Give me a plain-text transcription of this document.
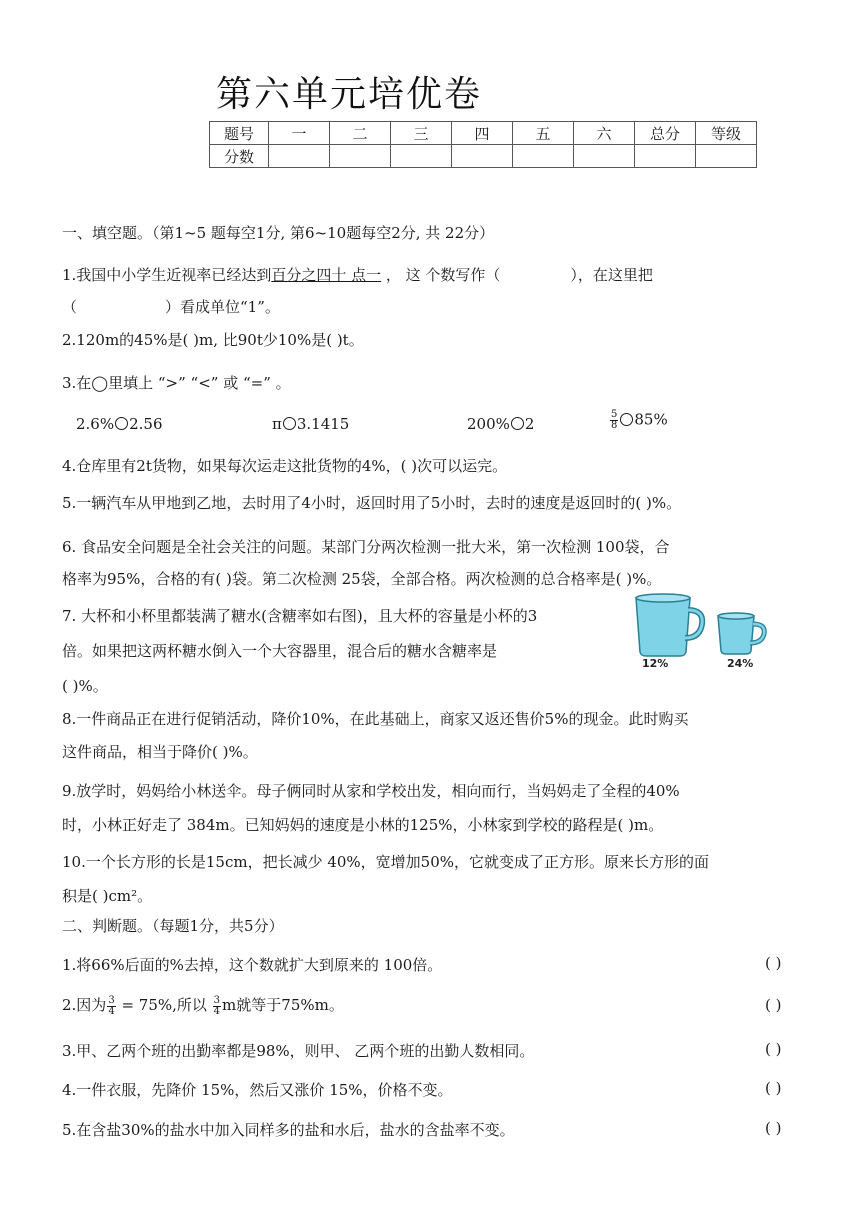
第六单元培优卷
题号	一	二	三	四	五	六	总分	等级
分数								
一、填空题。（第1~5 题每空1分, 第6~10题每空2分, 共 22分）
1.我国中小学生近视率已经达到百分之四十 点一 ， 这 个数写作（	），在这里把
（	）看成单位“1”。
2.120m的45%是( )m, 比90t少10%是( )t。
3.在◯里填上 “>” “<” 或 “=” 。
2.6% 2.56	π 3.1415	200% 2	$\frac{5}{8} 85\%$
4.仓库里有2t货物，如果每次运走这批货物的4%，( )次可以运完。
5.一辆汽车从甲地到乙地，去时用了4小时，返回时用了5小时，去时的速度是返回时的( )%。
6. 食品安全问题是全社会关注的问题。某部门分两次检测一批大米，第一次检测 100袋，合
格率为95%，合格的有( )袋。第二次检测 25袋，全部合格。两次检测的总合格率是( )%。
7. 大杯和小杯里都装满了糖水(含糖率如右图)，且大杯的容量是小杯的3
倍。如果把这两杯糖水倒入一个大容器里，混合后的糖水含糖率是
( )%。
12%	24%
8.一件商品正在进行促销活动，降价10%，在此基础上，商家又返还售价5%的现金。此时购买
这件商品，相当于降价( )%。
9.放学时，妈妈给小林送伞。母子俩同时从家和学校出发，相向而行，当妈妈走了全程的40%
时，小林正好走了 384m。已知妈妈的速度是小林的125%，小林家到学校的路程是( )m。
10.一个长方形的长是15cm，把长减少 40%，宽增加50%，它就变成了正方形。原来长方形的面
积是( )cm²。
二、判断题。（每题1分，共5分）
1.将66%后面的%去掉，这个数就扩大到原来的 100倍。	( )
2.因为 $\frac{3}{4} = 75\%$,所以 $\frac{3}{4}$ m就等于75%m。	( )
3.甲、乙两个班的出勤率都是98%，则甲、 乙两个班的出勤人数相同。	( )
4.一件衣服，先降价 15%，然后又涨价 15%，价格不变。	( )
5.在含盐30%的盐水中加入同样多的盐和水后，盐水的含盐率不变。	( )
